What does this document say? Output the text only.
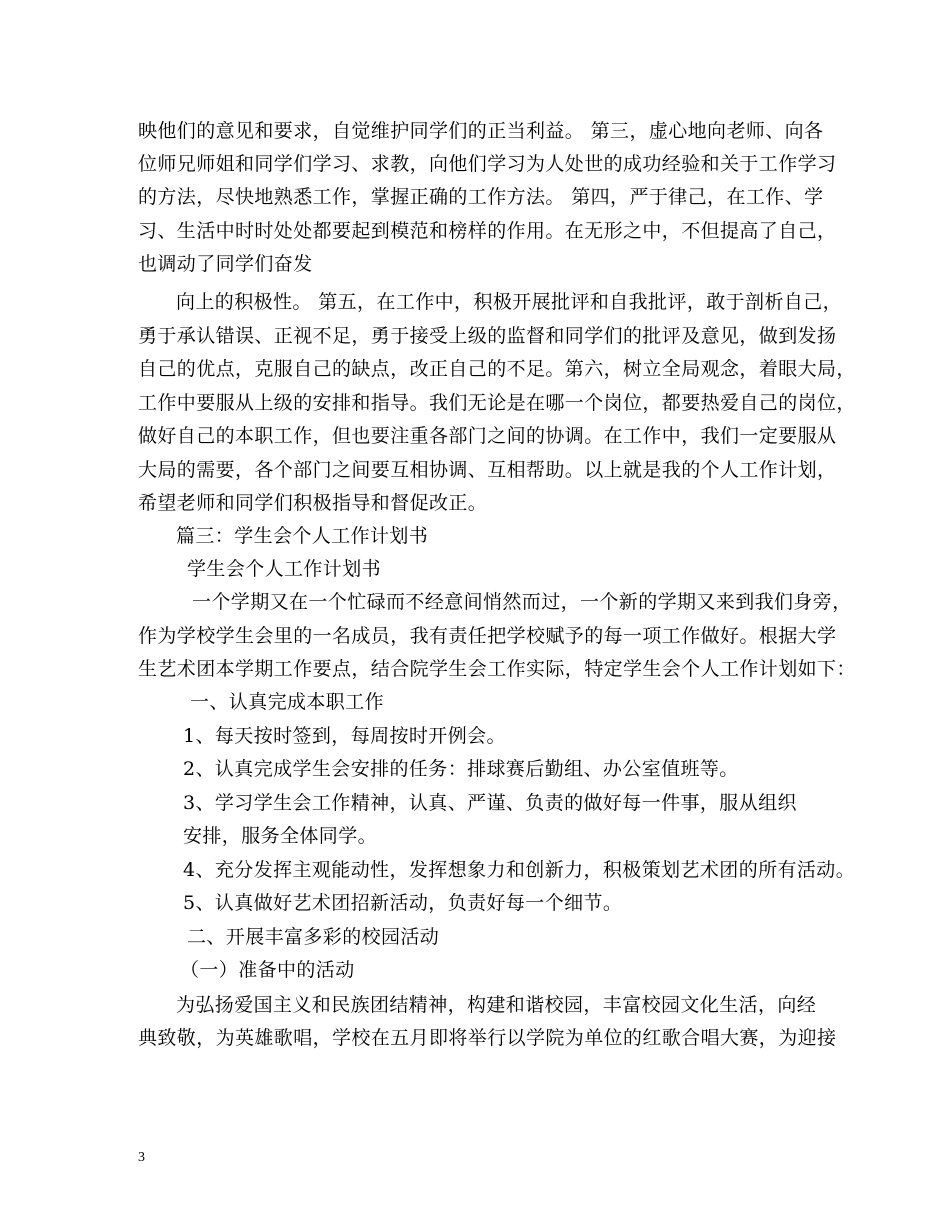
映他们的意见和要求，自觉维护同学们的正当利益。 第三，虚心地向老师、向各
位师兄师姐和同学们学习、求教，向他们学习为人处世的成功经验和关于工作学习
的方法，尽快地熟悉工作，掌握正确的工作方法。 第四，严于律己，在工作、学
习、生活中时时处处都要起到模范和榜样的作用。在无形之中，不但提高了自己，
也调动了同学们奋发
向上的积极性。 第五，在工作中，积极开展批评和自我批评，敢于剖析自己，
勇于承认错误、正视不足，勇于接受上级的监督和同学们的批评及意见，做到发扬
自己的优点，克服自己的缺点，改正自己的不足。第六，树立全局观念，着眼大局，
工作中要服从上级的安排和指导。我们无论是在哪一个岗位，都要热爱自己的岗位，
做好自己的本职工作，但也要注重各部门之间的协调。在工作中，我们一定要服从
大局的需要，各个部门之间要互相协调、互相帮助。以上就是我的个人工作计划，
希望老师和同学们积极指导和督促改正。
篇三：学生会个人工作计划书
学生会个人工作计划书
一个学期又在一个忙碌而不经意间悄然而过，一个新的学期又来到我们身旁，
作为学校学生会里的一名成员，我有责任把学校赋予的每一项工作做好。根据大学
生艺术团本学期工作要点，结合院学生会工作实际，特定学生会个人工作计划如下：
一、认真完成本职工作
1、每天按时签到，每周按时开例会。
2、认真完成学生会安排的任务：排球赛后勤组、办公室值班等。
3、学习学生会工作精神，认真、严谨、负责的做好每一件事，服从组织
安排，服务全体同学。
4、充分发挥主观能动性，发挥想象力和创新力，积极策划艺术团的所有活动。
5、认真做好艺术团招新活动，负责好每一个细节。
二、开展丰富多彩的校园活动
（一）准备中的活动
为弘扬爱国主义和民族团结精神，构建和谐校园，丰富校园文化生活，向经
典致敬，为英雄歌唱，学校在五月即将举行以学院为单位的红歌合唱大赛，为迎接
3
